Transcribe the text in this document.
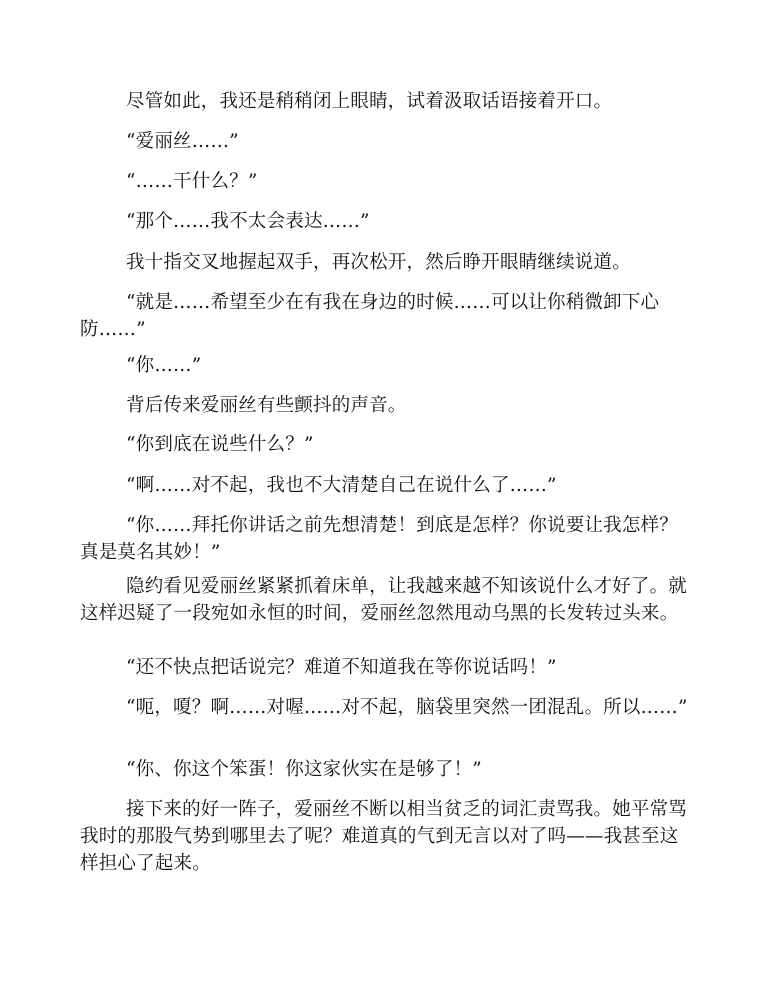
尽管如此，我还是稍稍闭上眼睛，试着汲取话语接着开口。

“爱丽丝……”

“……干什么？”

“那个……我不太会表达……”

我十指交叉地握起双手，再次松开，然后睁开眼睛继续说道。

“就是……希望至少在有我在身边的时候……可以让你稍微卸下心防……”

“你……”

背后传来爱丽丝有些颤抖的声音。

“你到底在说些什么？”

“啊……对不起，我也不大清楚自己在说什么了……”

“你……拜托你讲话之前先想清楚！到底是怎样？你说要让我怎样？真是莫名其妙！”

隐约看见爱丽丝紧紧抓着床单，让我越来越不知该说什么才好了。就这样迟疑了一段宛如永恒的时间，爱丽丝忽然甩动乌黑的长发转过头来。

“还不快点把话说完？难道不知道我在等你说话吗！”

“呃，嗄？啊……对喔……对不起，脑袋里突然一团混乱。所以……”

“你、你这个笨蛋！你这家伙实在是够了！”

接下来的好一阵子，爱丽丝不断以相当贫乏的词汇责骂我。她平常骂我时的那股气势到哪里去了呢？难道真的气到无言以对了吗——我甚至这样担心了起来。
